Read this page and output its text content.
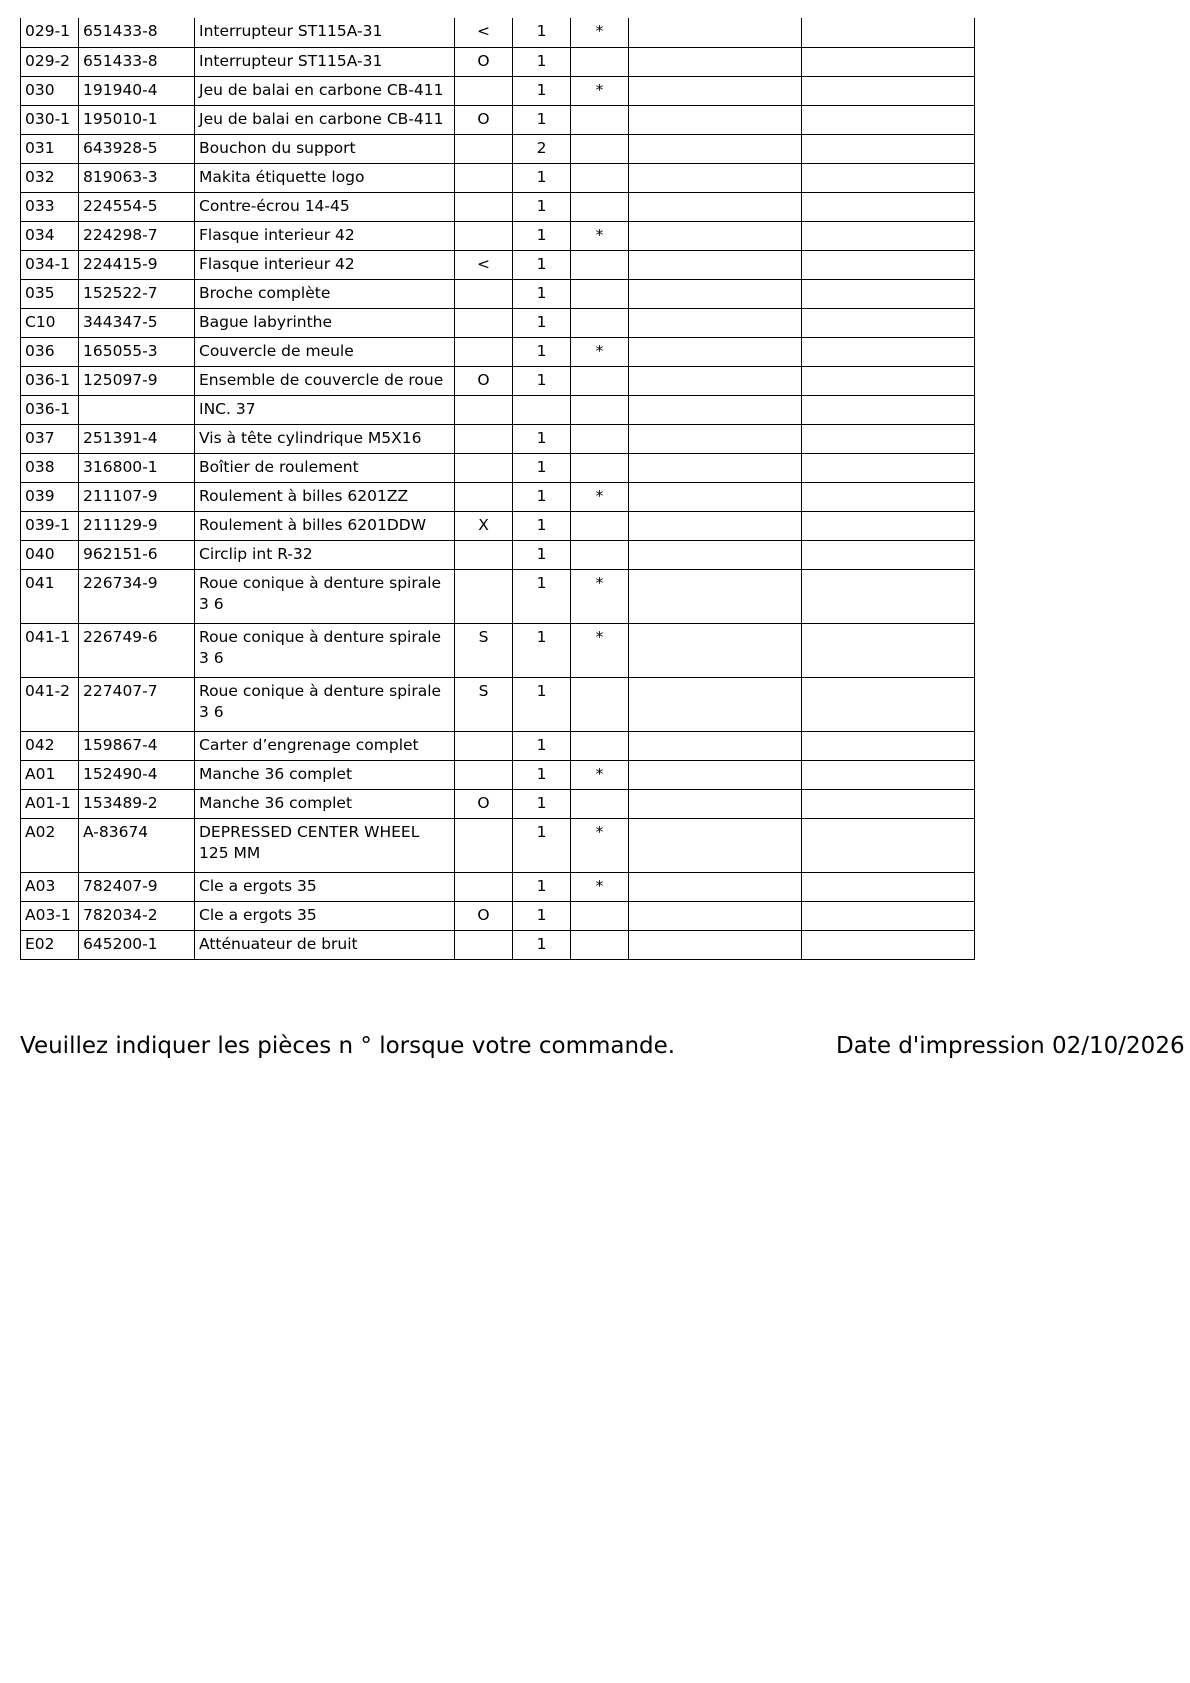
029-1	651433-8	Interrupteur ST115A-31	<	1	*		
029-2	651433-8	Interrupteur ST115A-31	O	1			
030	191940-4	Jeu de balai en carbone CB-411		1	*		
030-1	195010-1	Jeu de balai en carbone CB-411	O	1			
031	643928-5	Bouchon du support		2			
032	819063-3	Makita étiquette logo		1			
033	224554-5	Contre-écrou 14-45		1			
034	224298-7	Flasque interieur 42		1	*		
034-1	224415-9	Flasque interieur 42	<	1			
035	152522-7	Broche complète		1			
C10	344347-5	Bague labyrinthe		1			
036	165055-3	Couvercle de meule		1	*		
036-1	125097-9	Ensemble de couvercle de roue	O	1			
036-1		INC. 37					
037	251391-4	Vis à tête cylindrique M5X16		1			
038	316800-1	Boîtier de roulement		1			
039	211107-9	Roulement à billes 6201ZZ		1	*		
039-1	211129-9	Roulement à billes 6201DDW	X	1			
040	962151-6	Circlip int R-32		1			
041	226734-9	Roue conique à denture spirale 3 6		1	*		
041-1	226749-6	Roue conique à denture spirale 3 6	S	1	*		
041-2	227407-7	Roue conique à denture spirale 3 6	S	1			
042	159867-4	Carter d’engrenage complet		1			
A01	152490-4	Manche 36 complet		1	*		
A01-1	153489-2	Manche 36 complet	O	1			
A02	A-83674	DEPRESSED CENTER WHEEL 125 MM		1	*		
A03	782407-9	Cle a ergots 35		1	*		
A03-1	782034-2	Cle a ergots 35	O	1			
E02	645200-1	Atténuateur de bruit		1			
Veuillez indiquer les pièces n ° lorsque votre commande.	Date d'impression 02/10/2026
